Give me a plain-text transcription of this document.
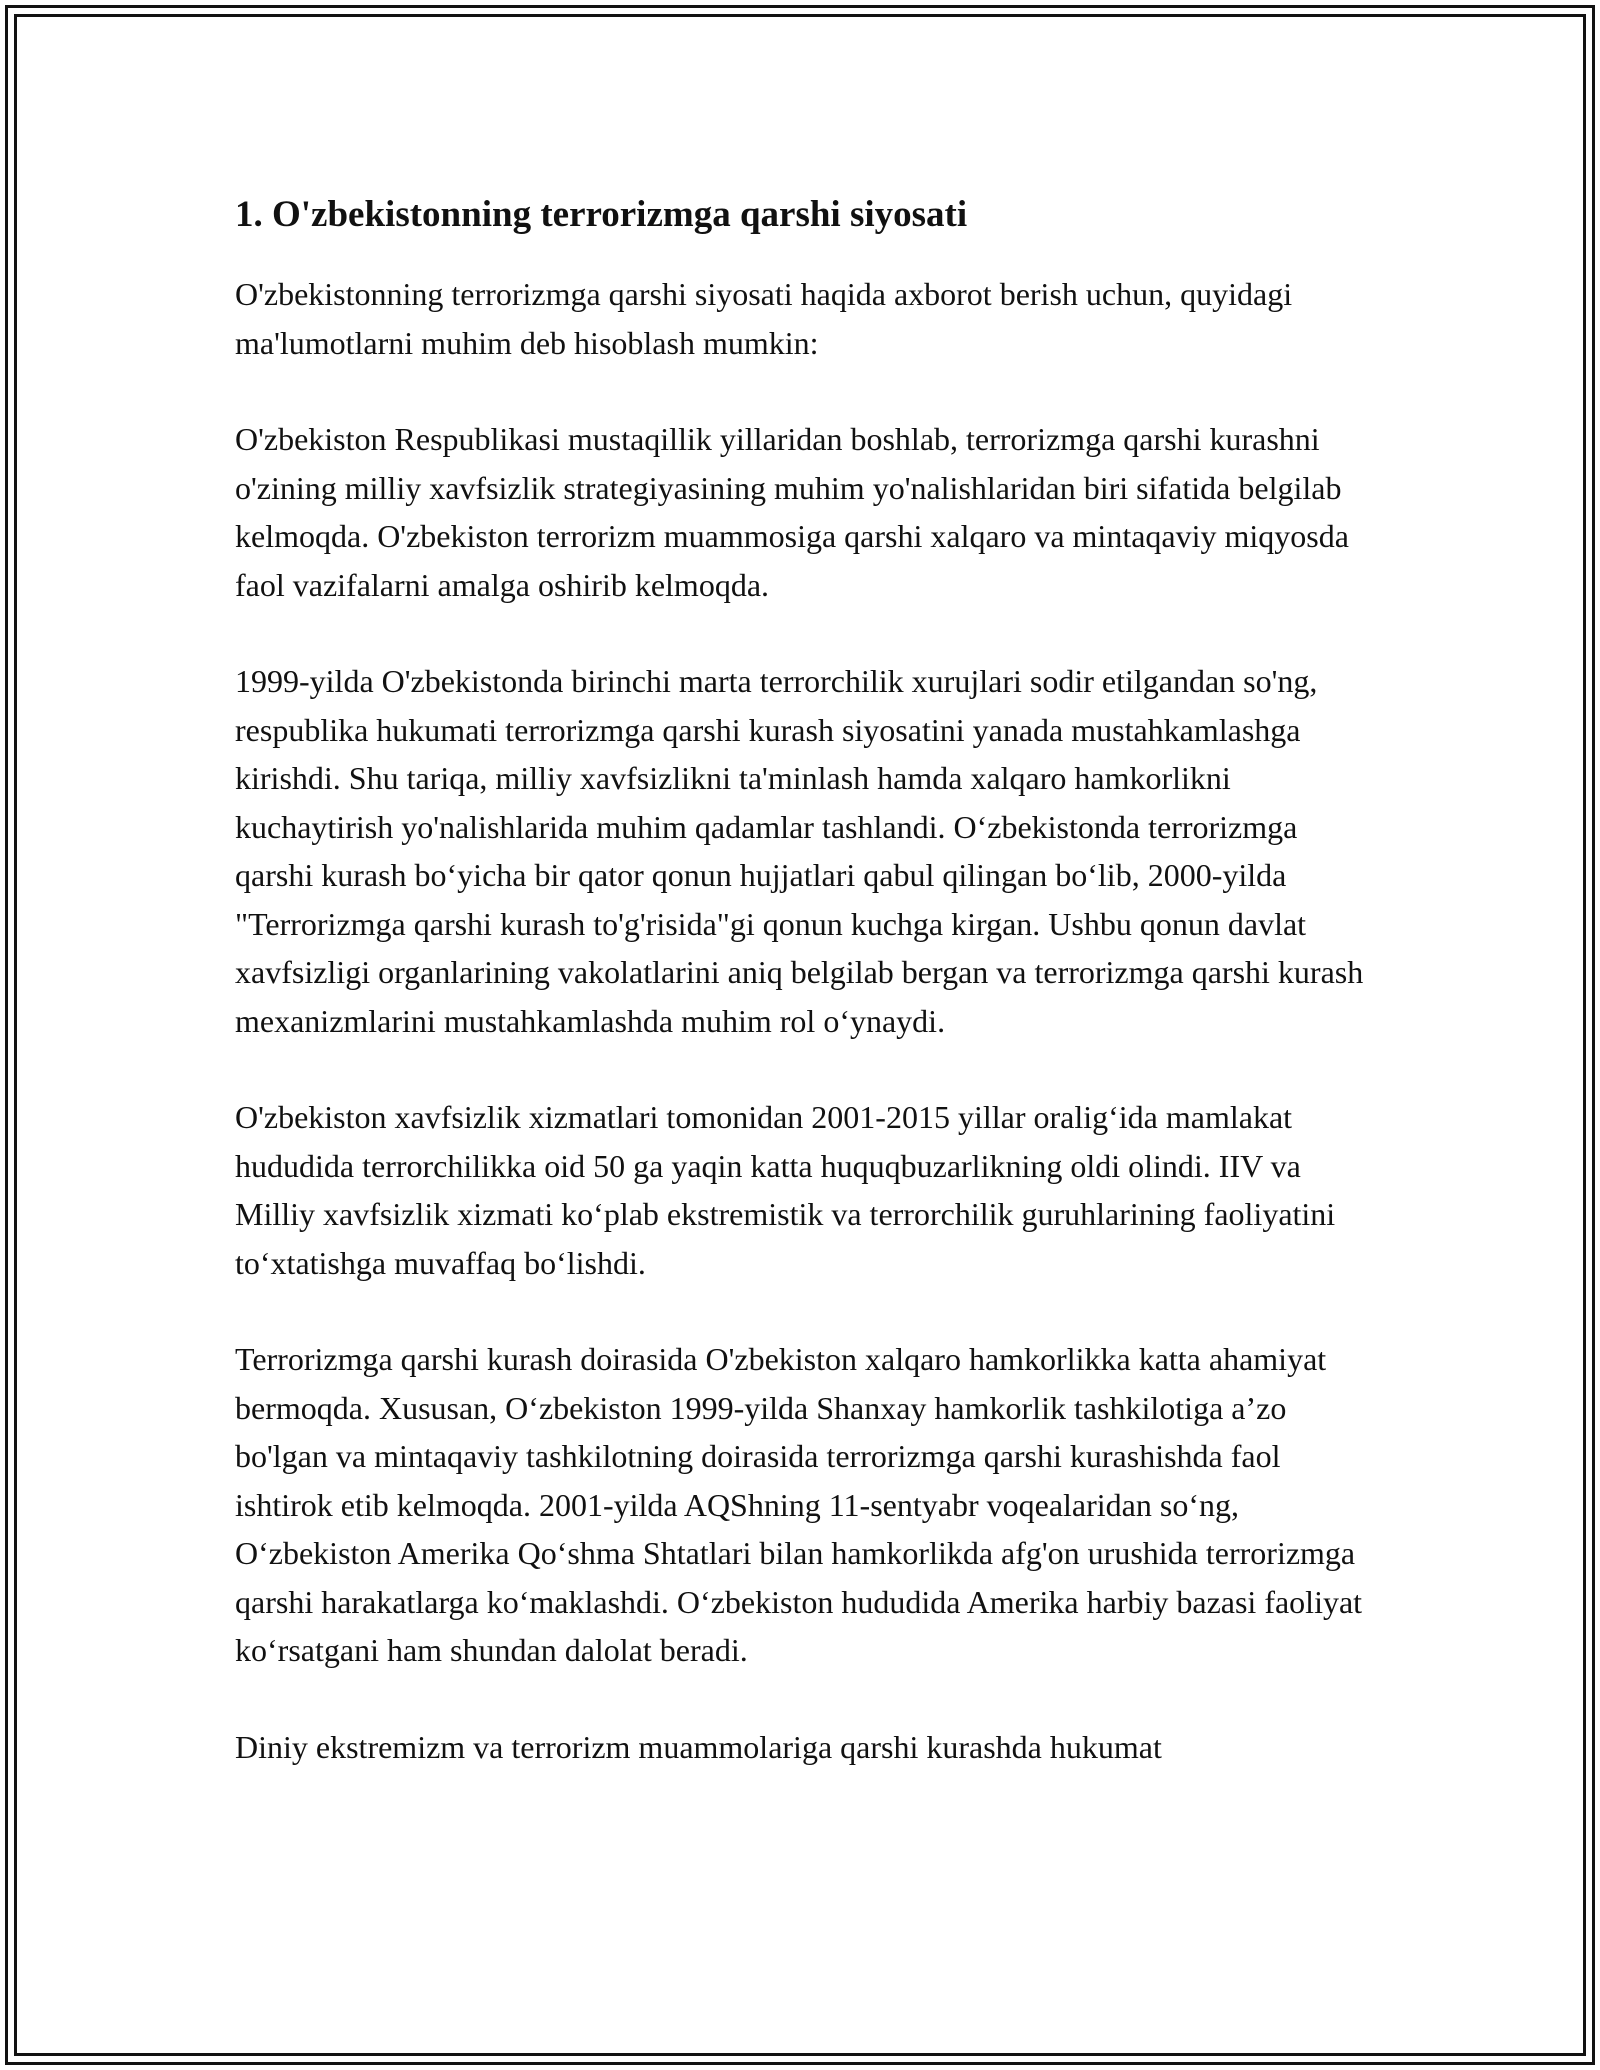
1. O'zbekistonning terrorizmga qarshi siyosati

O'zbekistonning terrorizmga qarshi siyosati haqida axborot berish uchun, quyidagi ma'lumotlarni muhim deb hisoblash mumkin:

O'zbekiston Respublikasi mustaqillik yillaridan boshlab, terrorizmga qarshi kurashni o'zining milliy xavfsizlik strategiyasining muhim yo'nalishlaridan biri sifatida belgilab kelmoqda. O'zbekiston terrorizm muammosiga qarshi xalqaro va mintaqaviy miqyosda faol vazifalarni amalga oshirib kelmoqda.

1999-yilda O'zbekistonda birinchi marta terrorchilik xurujlari sodir etilgandan so'ng, respublika hukumati terrorizmga qarshi kurash siyosatini yanada mustahkamlashga kirishdi. Shu tariqa, milliy xavfsizlikni ta'minlash hamda xalqaro hamkorlikni kuchaytirish yo'nalishlarida muhim qadamlar tashlandi. O‘zbekistonda terrorizmga qarshi kurash bo‘yicha bir qator qonun hujjatlari qabul qilingan bo‘lib, 2000-yilda "Terrorizmga qarshi kurash to'g'risida"gi qonun kuchga kirgan. Ushbu qonun davlat xavfsizligi organlarining vakolatlarini aniq belgilab bergan va terrorizmga qarshi kurash mexanizmlarini mustahkamlashda muhim rol o‘ynaydi.

O'zbekiston xavfsizlik xizmatlari tomonidan 2001-2015 yillar oralig‘ida mamlakat hududida terrorchilikka oid 50 ga yaqin katta huquqbuzarlikning oldi olindi. IIV va Milliy xavfsizlik xizmati ko‘plab ekstremistik va terrorchilik guruhlarining faoliyatini to‘xtatishga muvaffaq bo‘lishdi.

Terrorizmga qarshi kurash doirasida O'zbekiston xalqaro hamkorlikka katta ahamiyat bermoqda. Xususan, O‘zbekiston 1999-yilda Shanxay hamkorlik tashkilotiga a’zo bo'lgan va mintaqaviy tashkilotning doirasida terrorizmga qarshi kurashishda faol ishtirok etib kelmoqda. 2001-yilda AQShning 11-sentyabr voqealaridan so‘ng, O‘zbekiston Amerika Qo‘shma Shtatlari bilan hamkorlikda afg'on urushida terrorizmga qarshi harakatlarga ko‘maklashdi. O‘zbekiston hududida Amerika harbiy bazasi faoliyat ko‘rsatgani ham shundan dalolat beradi.

Diniy ekstremizm va terrorizm muammolariga qarshi kurashda hukumat
